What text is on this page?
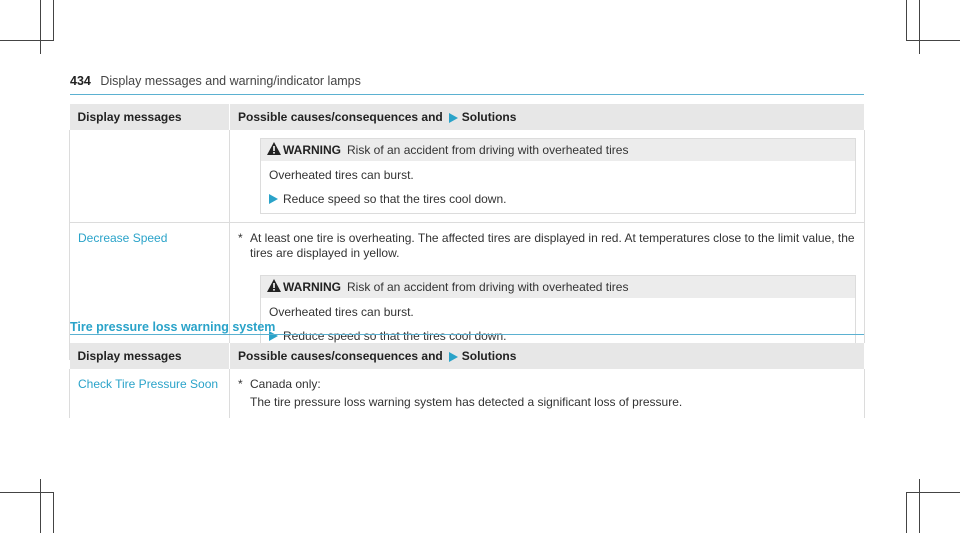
434 Display messages and warning/indicator lamps
Display messages	Possible causes/consequences and Solutions

WARNING Risk of an accident from driving with overheated tires
Overheated tires can burst.
Reduce speed so that the tires cool down.

Decrease Speed	* At least one tire is overheating. The affected tires are displayed in red. At temperatures close to the limit value, the tires are displayed in yellow.
WARNING Risk of an accident from driving with overheated tires
Overheated tires can burst.
Reduce speed so that the tires cool down.
Tire pressure loss warning system
Display messages	Possible causes/consequences and Solutions
Check Tire Pressure Soon	* Canada only:
The tire pressure loss warning system has detected a significant loss of pressure.
